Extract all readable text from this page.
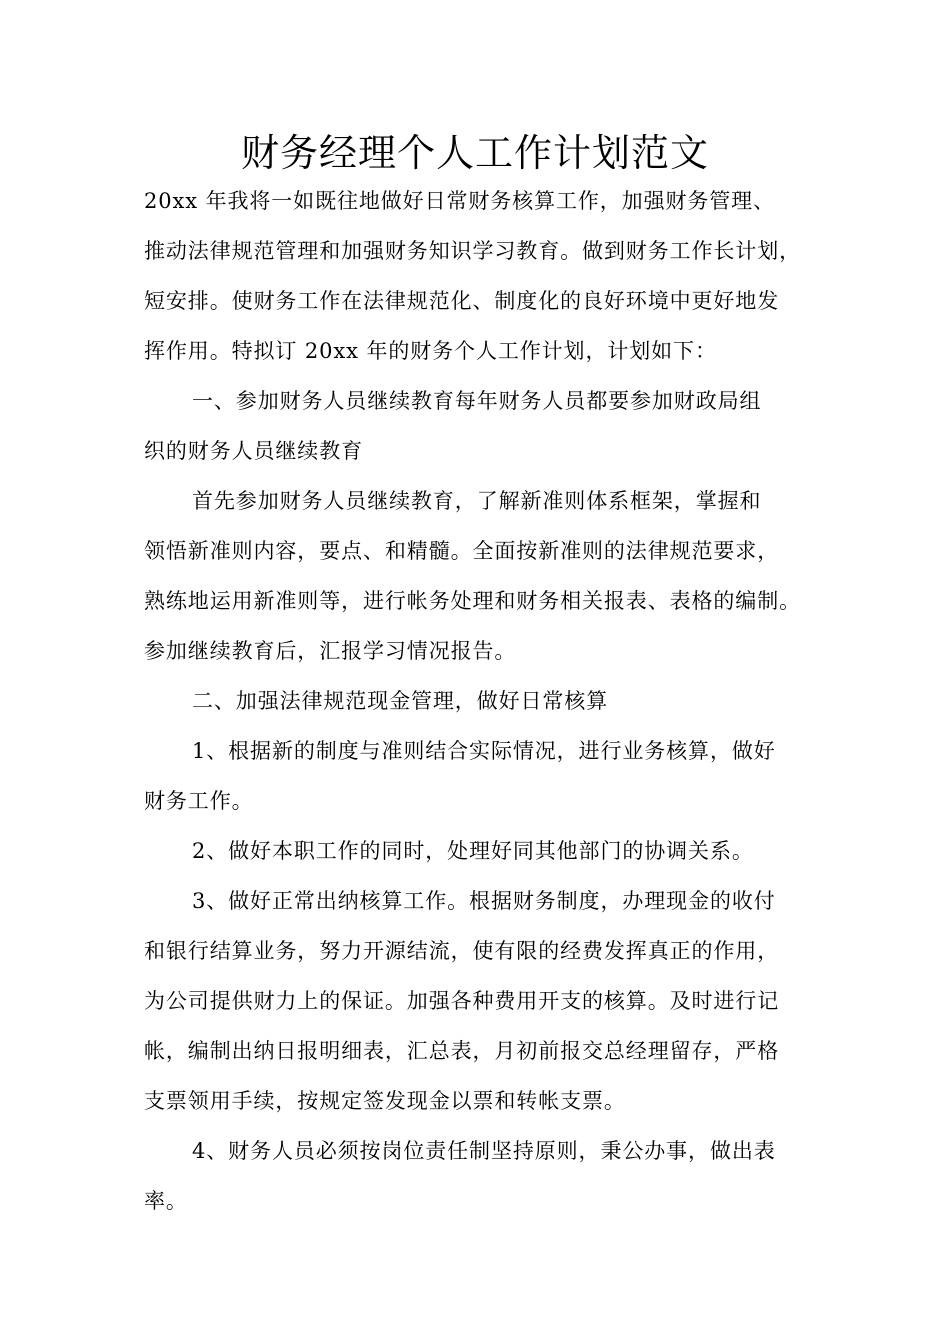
财务经理个人工作计划范文
20xx 年我将一如既往地做好日常财务核算工作，加强财务管理、
推动法律规范管理和加强财务知识学习教育。做到财务工作长计划，
短安排。使财务工作在法律规范化、制度化的良好环境中更好地发
挥作用。特拟订 20xx 年的财务个人工作计划，计划如下：
一、参加财务人员继续教育每年财务人员都要参加财政局组
织的财务人员继续教育
首先参加财务人员继续教育，了解新准则体系框架，掌握和
领悟新准则内容，要点、和精髓。全面按新准则的法律规范要求，
熟练地运用新准则等，进行帐务处理和财务相关报表、表格的编制。
参加继续教育后，汇报学习情况报告。
二、加强法律规范现金管理，做好日常核算
1、根据新的制度与准则结合实际情况，进行业务核算，做好
财务工作。
2、做好本职工作的同时，处理好同其他部门的协调关系。
3、做好正常出纳核算工作。根据财务制度，办理现金的收付
和银行结算业务，努力开源结流，使有限的经费发挥真正的作用，
为公司提供财力上的保证。加强各种费用开支的核算。及时进行记
帐，编制出纳日报明细表，汇总表，月初前报交总经理留存，严格
支票领用手续，按规定签发现金以票和转帐支票。
4、财务人员必须按岗位责任制坚持原则，秉公办事，做出表
率。
